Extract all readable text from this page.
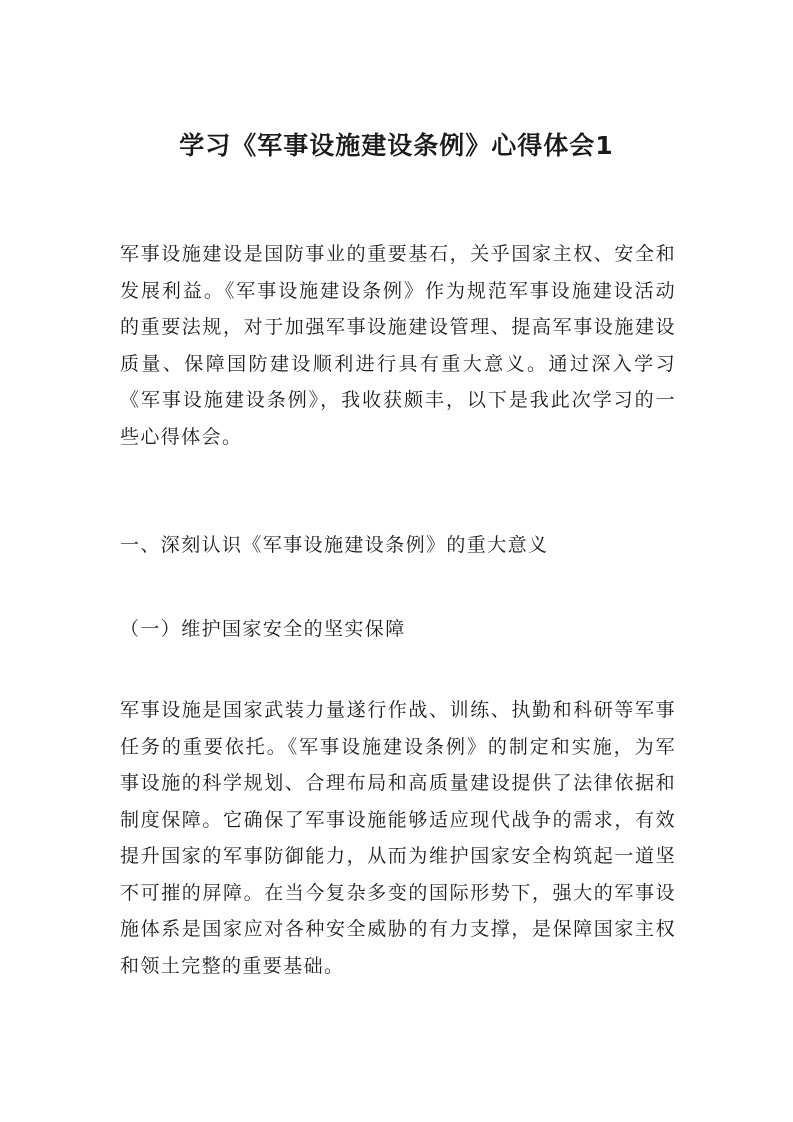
学习《军事设施建设条例》心得体会1

军事设施建设是国防事业的重要基石，关乎国家主权、安全和发展利益。《军事设施建设条例》作为规范军事设施建设活动的重要法规，对于加强军事设施建设管理、提高军事设施建设质量、保障国防建设顺利进行具有重大意义。通过深入学习《军事设施建设条例》，我收获颇丰，以下是我此次学习的一些心得体会。

一、深刻认识《军事设施建设条例》的重大意义

（一）维护国家安全的坚实保障

军事设施是国家武装力量遂行作战、训练、执勤和科研等军事任务的重要依托。《军事设施建设条例》的制定和实施，为军事设施的科学规划、合理布局和高质量建设提供了法律依据和制度保障。它确保了军事设施能够适应现代战争的需求，有效提升国家的军事防御能力，从而为维护国家安全构筑起一道坚不可摧的屏障。在当今复杂多变的国际形势下，强大的军事设施体系是国家应对各种安全威胁的有力支撑，是保障国家主权和领土完整的重要基础。
